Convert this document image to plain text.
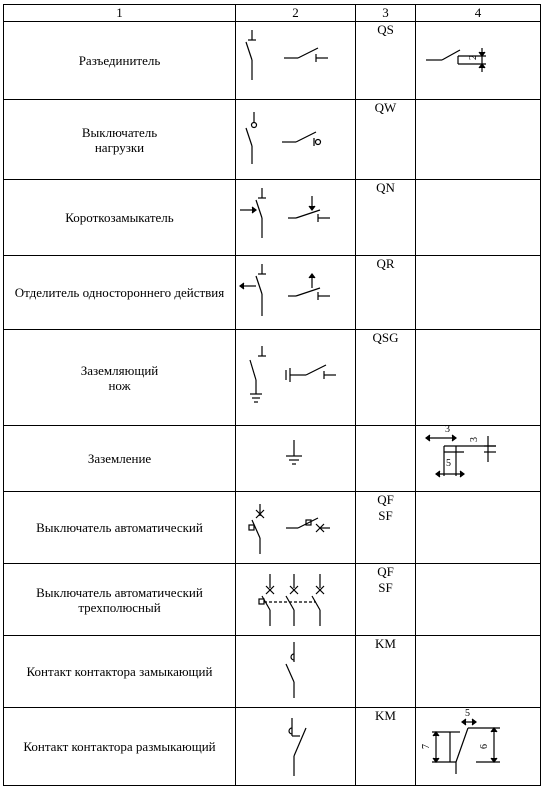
1	2	3	4
Разъединитель		QS	2

Выключатель
нагрузки		QW	
Короткозамыкатель		QN	
Отделитель одностороннего действия		QR	
Заземляющий
нож		QSG	
Заземление			3
3
5

Выключатель автоматический		QF
SF	
Выключатель автоматический
трехполюсный		QF
SF	
Контакт контактора замыкающий		KM	
Контакт контактора размыкающий		KM	5
7 6
